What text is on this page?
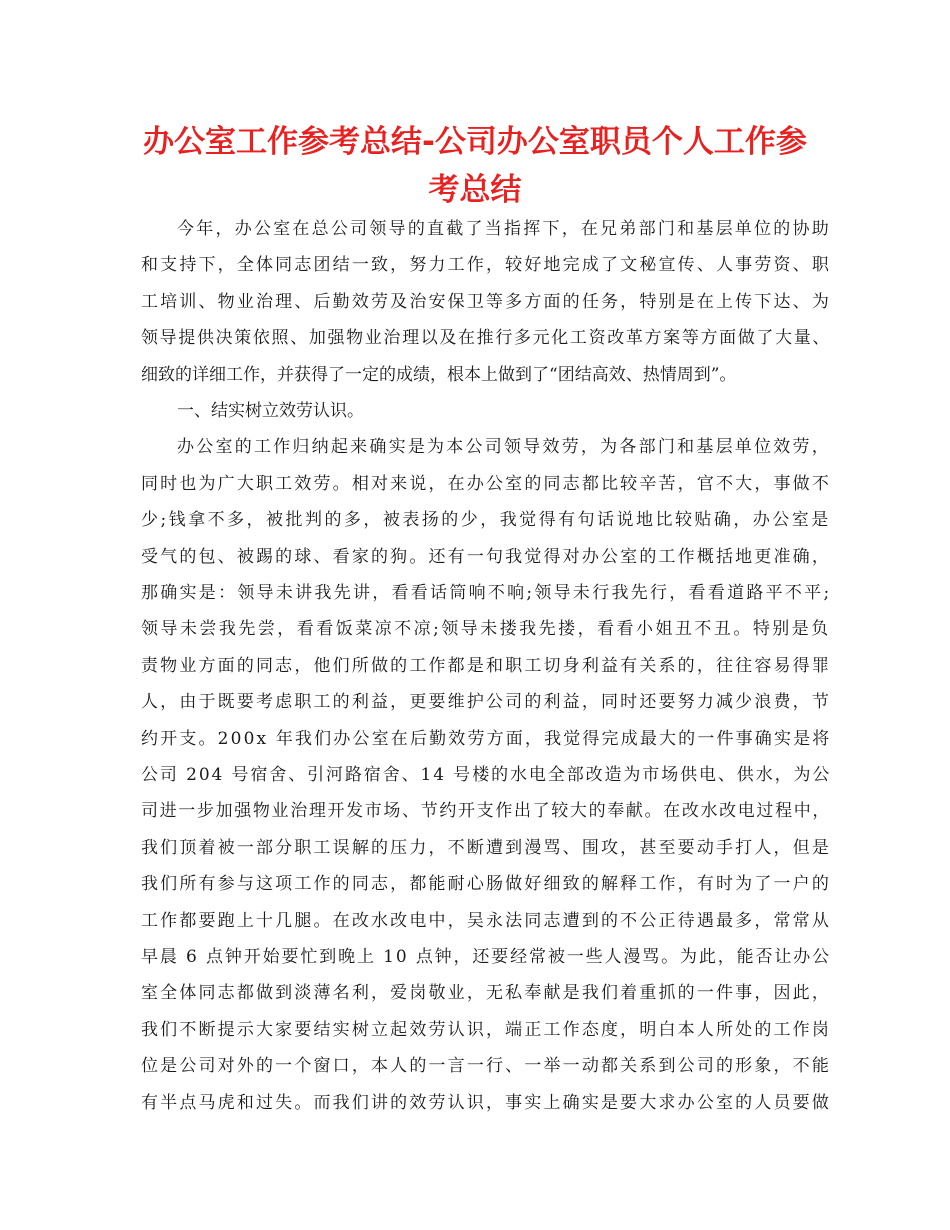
办公室工作参考总结-公司办公室职员个人工作参
考总结
今年，办公室在总公司领导的直截了当指挥下，在兄弟部门和基层单位的协助
和支持下，全体同志团结一致，努力工作，较好地完成了文秘宣传、人事劳资、职
工培训、物业治理、后勤效劳及治安保卫等多方面的任务，特别是在上传下达、为
领导提供决策依照、加强物业治理以及在推行多元化工资改革方案等方面做了大量、
细致的详细工作，并获得了一定的成绩，根本上做到了“团结高效、热情周到”。
一、结实树立效劳认识。
办公室的工作归纳起来确实是为本公司领导效劳，为各部门和基层单位效劳，
同时也为广大职工效劳。相对来说，在办公室的同志都比较辛苦，官不大，事做不
少;钱拿不多，被批判的多，被表扬的少，我觉得有句话说地比较贴确，办公室是
受气的包、被踢的球、看家的狗。还有一句我觉得对办公室的工作概括地更准确，
那确实是：领导未讲我先讲，看看话筒响不响;领导未行我先行，看看道路平不平;
领导未尝我先尝，看看饭菜凉不凉;领导未搂我先搂，看看小姐丑不丑。特别是负
责物业方面的同志，他们所做的工作都是和职工切身利益有关系的，往往容易得罪
人，由于既要考虑职工的利益，更要维护公司的利益，同时还要努力减少浪费，节
约开支。200x 年我们办公室在后勤效劳方面，我觉得完成最大的一件事确实是将
公司 204 号宿舍、引河路宿舍、14 号楼的水电全部改造为市场供电、供水，为公
司进一步加强物业治理开发市场、节约开支作出了较大的奉献。在改水改电过程中，
我们顶着被一部分职工误解的压力，不断遭到漫骂、围攻，甚至要动手打人，但是
我们所有参与这项工作的同志，都能耐心肠做好细致的解释工作，有时为了一户的
工作都要跑上十几腿。在改水改电中，吴永法同志遭到的不公正待遇最多，常常从
早晨 6 点钟开始要忙到晚上 10 点钟，还要经常被一些人漫骂。为此，能否让办公
室全体同志都做到淡薄名利，爱岗敬业，无私奉献是我们着重抓的一件事，因此，
我们不断提示大家要结实树立起效劳认识，端正工作态度，明白本人所处的工作岗
位是公司对外的一个窗口，本人的一言一行、一举一动都关系到公司的形象，不能
有半点马虎和过失。而我们讲的效劳认识，事实上确实是要大求办公室的人员要做
